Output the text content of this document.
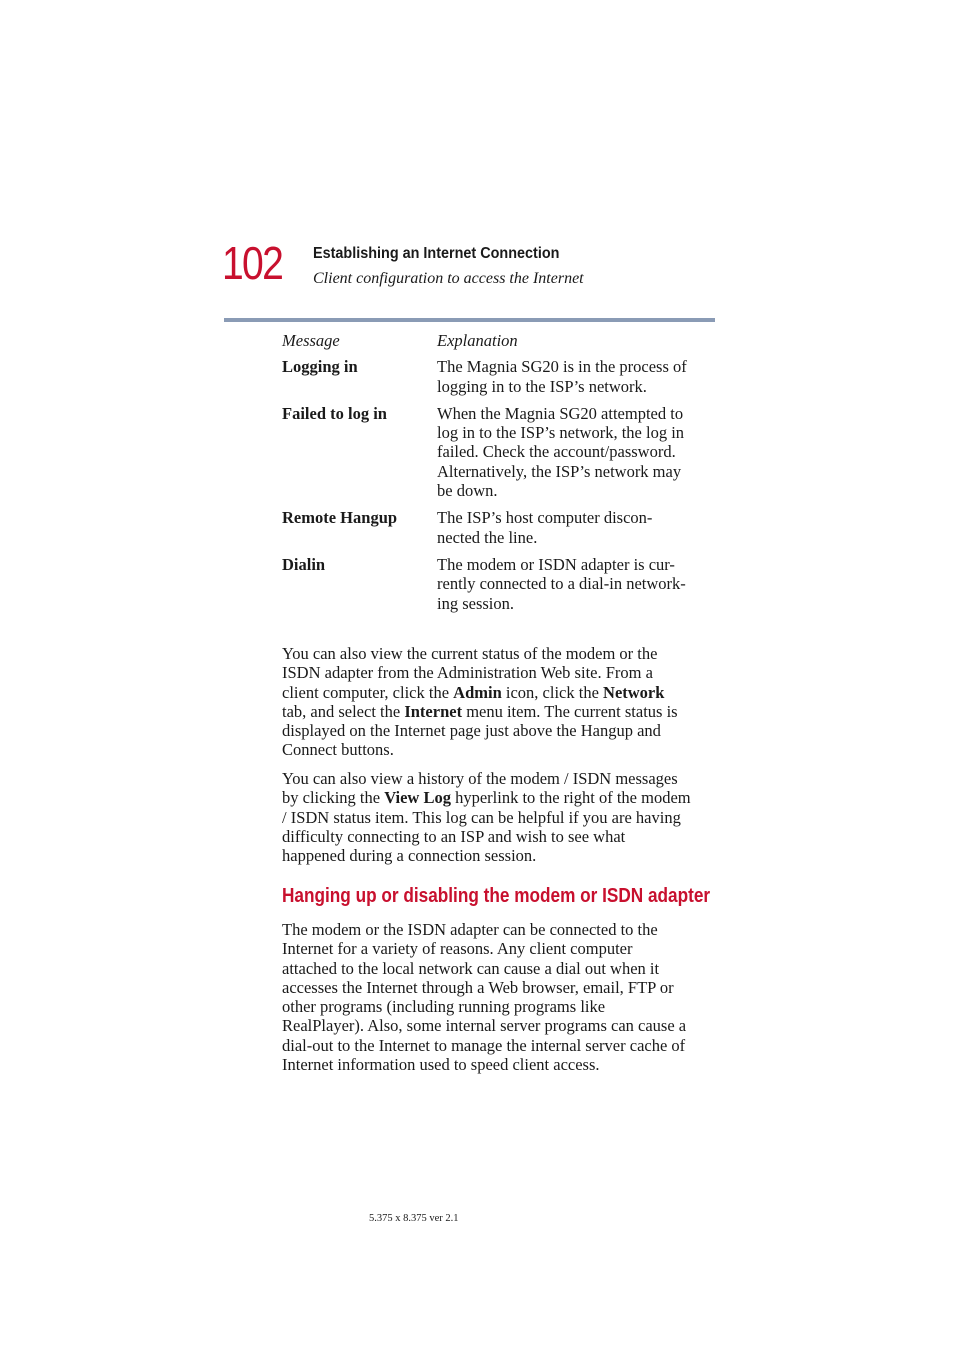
102 Establishing an Internet Connection
Client configuration to access the Internet
Message	Explanation
Logging in	The Magnia SG20 is in the process of
logging in to the ISP’s network.
Failed to log in	When the Magnia SG20 attempted to
log in to the ISP’s network, the log in
failed. Check the account/password.
Alternatively, the ISP’s network may
be down.
Remote Hangup	The ISP’s host computer discon-
nected the line.
Dialin	The modem or ISDN adapter is cur-
rently connected to a dial-in network-
ing session.

You can also view the current status of the modem or the
ISDN adapter from the Administration Web site. From a
client computer, click the Admin icon, click the Network
tab, and select the Internet menu item. The current status is
displayed on the Internet page just above the Hangup and
Connect buttons.

You can also view a history of the modem / ISDN messages
by clicking the View Log hyperlink to the right of the modem
/ ISDN status item. This log can be helpful if you are having
difficulty connecting to an ISP and wish to see what
happened during a connection session.

Hanging up or disabling the modem or ISDN adapter

The modem or the ISDN adapter can be connected to the
Internet for a variety of reasons. Any client computer
attached to the local network can cause a dial out when it
accesses the Internet through a Web browser, email, FTP or
other programs (including running programs like
RealPlayer). Also, some internal server programs can cause a
dial-out to the Internet to manage the internal server cache of
Internet information used to speed client access.

5.375 x 8.375 ver 2.1
